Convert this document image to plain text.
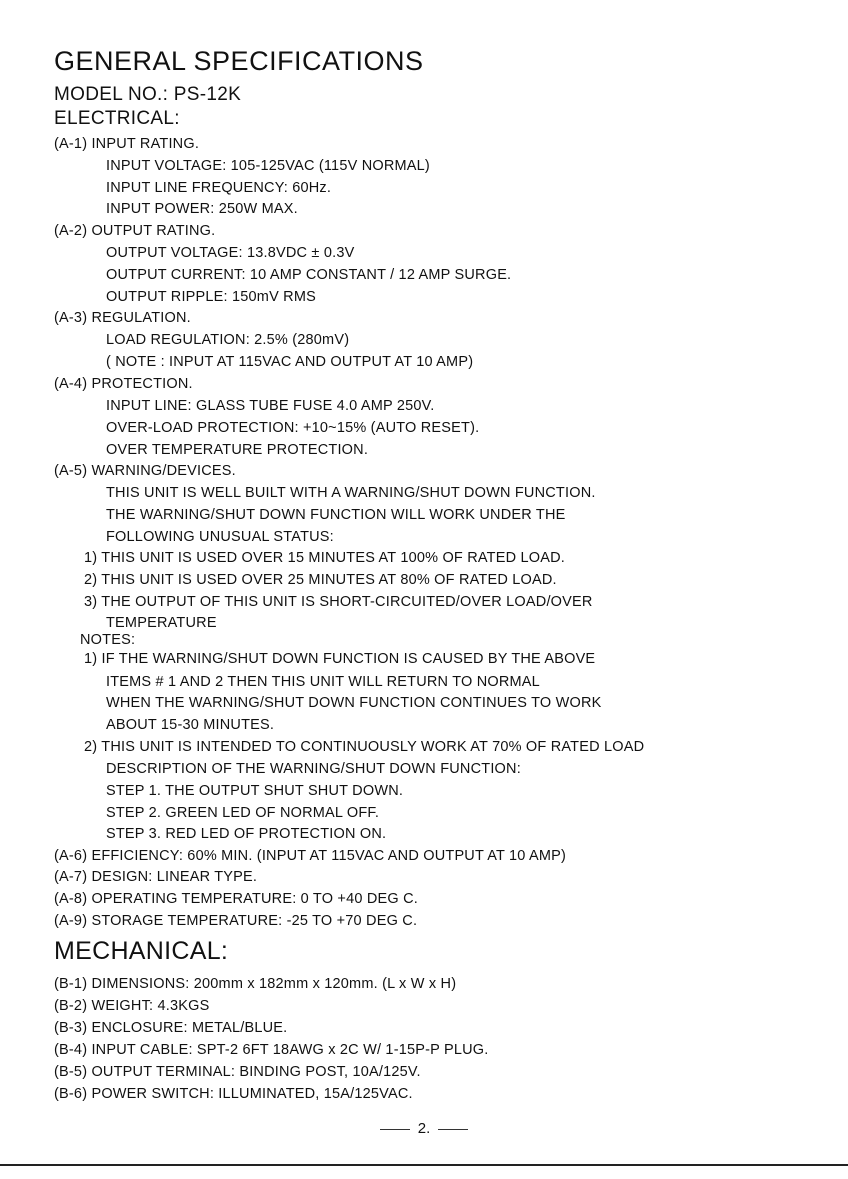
GENERAL SPECIFICATIONS
MODEL NO.: PS-12K
ELECTRICAL:
(A-1) INPUT RATING.
INPUT VOLTAGE: 105-125VAC (115V NORMAL)
INPUT LINE FREQUENCY: 60Hz.
INPUT POWER: 250W MAX.
(A-2) OUTPUT RATING.
OUTPUT VOLTAGE: 13.8VDC ± 0.3V
OUTPUT CURRENT: 10 AMP CONSTANT / 12 AMP SURGE.
OUTPUT RIPPLE: 150mV RMS
(A-3) REGULATION.
LOAD REGULATION: 2.5% (280mV)
( NOTE : INPUT AT 115VAC AND OUTPUT AT 10 AMP)
(A-4) PROTECTION.
INPUT LINE: GLASS TUBE FUSE 4.0 AMP 250V.
OVER-LOAD PROTECTION: +10~15% (AUTO RESET).
OVER TEMPERATURE PROTECTION.
(A-5) WARNING/DEVICES.
THIS UNIT IS WELL BUILT WITH A WARNING/SHUT DOWN FUNCTION.
THE WARNING/SHUT DOWN FUNCTION WILL WORK UNDER THE
FOLLOWING UNUSUAL STATUS:
1) THIS UNIT IS USED OVER 15 MINUTES AT 100% OF RATED LOAD.
2) THIS UNIT IS USED OVER 25 MINUTES AT 80% OF RATED LOAD.
3) THE OUTPUT OF THIS UNIT IS SHORT-CIRCUITED/OVER LOAD/OVER
TEMPERATURE
NOTES:
1) IF THE WARNING/SHUT DOWN FUNCTION IS CAUSED BY THE ABOVE
ITEMS # 1 AND 2 THEN THIS UNIT WILL RETURN TO NORMAL
WHEN THE WARNING/SHUT DOWN FUNCTION CONTINUES TO WORK
ABOUT 15-30 MINUTES.
2) THIS UNIT IS INTENDED TO CONTINUOUSLY WORK AT 70% OF RATED LOAD
DESCRIPTION OF THE WARNING/SHUT DOWN FUNCTION:
STEP 1. THE OUTPUT SHUT SHUT DOWN.
STEP 2. GREEN LED OF NORMAL OFF.
STEP 3. RED LED OF PROTECTION ON.
(A-6) EFFICIENCY: 60% MIN. (INPUT AT 115VAC AND OUTPUT AT 10 AMP)
(A-7) DESIGN: LINEAR TYPE.
(A-8) OPERATING TEMPERATURE: 0 TO +40 DEG C.
(A-9) STORAGE TEMPERATURE: -25 TO +70 DEG C.
MECHANICAL:
(B-1) DIMENSIONS: 200mm x 182mm x 120mm. (L x W x H)
(B-2) WEIGHT: 4.3KGS
(B-3) ENCLOSURE: METAL/BLUE.
(B-4) INPUT CABLE: SPT-2 6FT 18AWG x 2C W/ 1-15P-P PLUG.
(B-5) OUTPUT TERMINAL: BINDING POST, 10A/125V.
(B-6) POWER SWITCH: ILLUMINATED, 15A/125VAC.
2.
